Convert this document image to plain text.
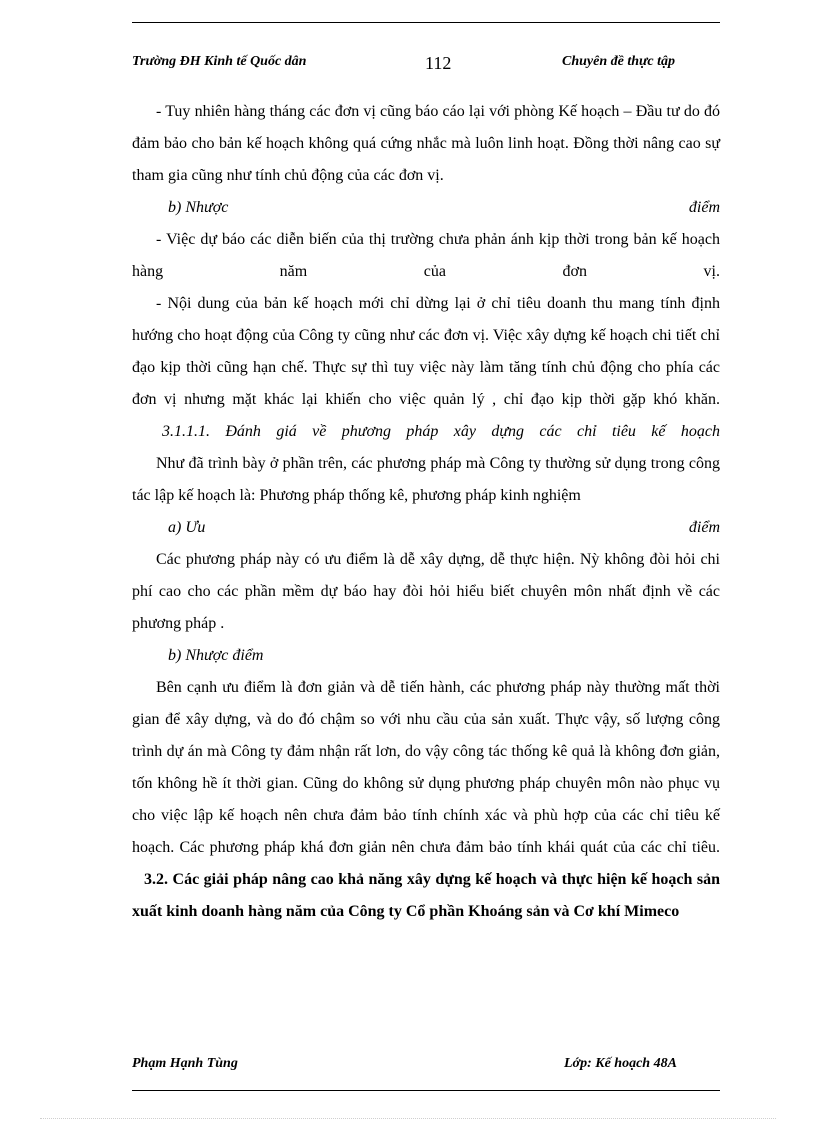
Trường ĐH Kinh tế Quốc dân	112	Chuyên đề thực tập

- Tuy nhiên hàng tháng các đơn vị cũng báo cáo lại với phòng Kế hoạch – Đầu tư do đó đảm bảo cho bản kế hoạch không quá cứng nhắc mà luôn linh hoạt. Đồng thời nâng cao sự tham gia cũng như tính chủ động của các đơn vị.

b) Nhược	điểm

- Việc dự báo các diễn biến của thị trường chưa phản ánh kịp thời trong bản kế hoạch hàng năm của đơn vị.

- Nội dung của bản kế hoạch mới chỉ dừng lại ở chỉ tiêu doanh thu mang tính định hướng cho hoạt động của Công ty cũng như các đơn vị. Việc xây dựng kế hoạch chi tiết chỉ đạo kịp thời cũng hạn chế. Thực sự thì tuy việc này làm tăng tính chủ động cho phía các đơn vị nhưng mặt khác lại khiến cho việc quản lý , chỉ đạo kịp thời gặp khó khăn.

3.1.1.1. Đánh giá về phương pháp xây dựng các chỉ tiêu kế hoạch

Như đã trình bày ở phần trên, các phương pháp mà Công ty thường sử dụng trong công tác lập kế hoạch là: Phương pháp thống kê, phương pháp kinh nghiệm

a) Ưu	điểm

Các phương pháp này có ưu điểm là dễ xây dựng, dễ thực hiện. Nỳ không đòi hỏi chi phí cao cho các phần mềm dự báo hay đòi hỏi hiểu biết chuyên môn nhất định về các phương pháp .

b) Nhược điểm

Bên cạnh ưu điểm là đơn giản và dễ tiến hành, các phương pháp này thường mất thời gian để xây dựng, và do đó chậm so với nhu cầu của sản xuất. Thực vậy, số lượng công trình dự án mà Công ty đảm nhận rất lơn, do vậy công tác thống kê quả là không đơn giản, tốn không hề ít thời gian. Cũng do không sử dụng phương pháp chuyên môn nào phục vụ cho việc lập kế hoạch nên chưa đảm bảo tính chính xác và phù hợp của các chỉ tiêu kế hoạch. Các phương pháp khá đơn giản nên chưa đảm bảo tính khái quát của các chỉ tiêu.

3.2. Các giải pháp nâng cao khả năng xây dựng kế hoạch và thực hiện kế hoạch sản xuất kinh doanh hàng năm của Công ty Cổ phần Khoáng sản và Cơ khí Mimeco

Phạm Hạnh Tùng	Lớp: Kế hoạch 48A
